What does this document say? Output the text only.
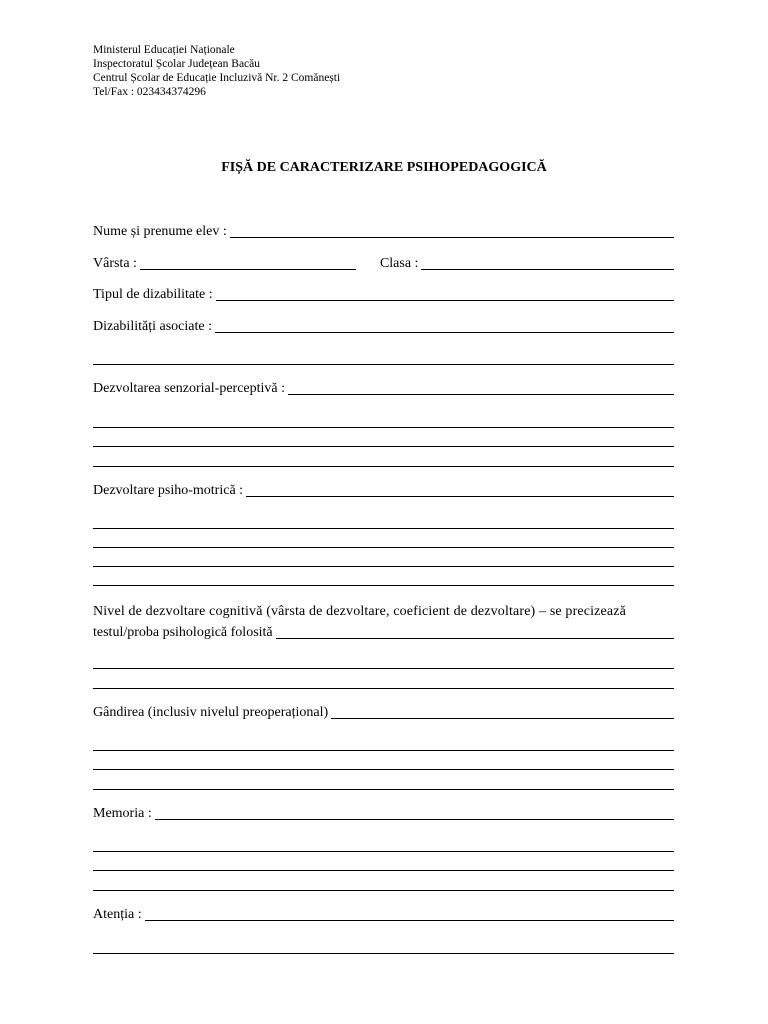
Ministerul Educației Naționale
Inspectoratul Școlar Județean Bacău
Centrul Școlar de Educație Incluzivă Nr. 2 Comănești
Tel/Fax : 023434374296
FIȘĂ DE CARACTERIZARE PSIHOPEDAGOGICĂ
Nume și prenume elev :
Vârsta :	Clasa :
Tipul de dizabilitate :
Dizabilități asociate :
Dezvoltarea senzorial-perceptivă :
Dezvoltare psiho-motrică :
Nivel de dezvoltare cognitivă (vârsta de dezvoltare, coeficient de dezvoltare) – se precizează
testul/proba psihologică folosită
Gândirea (inclusiv nivelul preoperațional)
Memoria :
Atenția :
